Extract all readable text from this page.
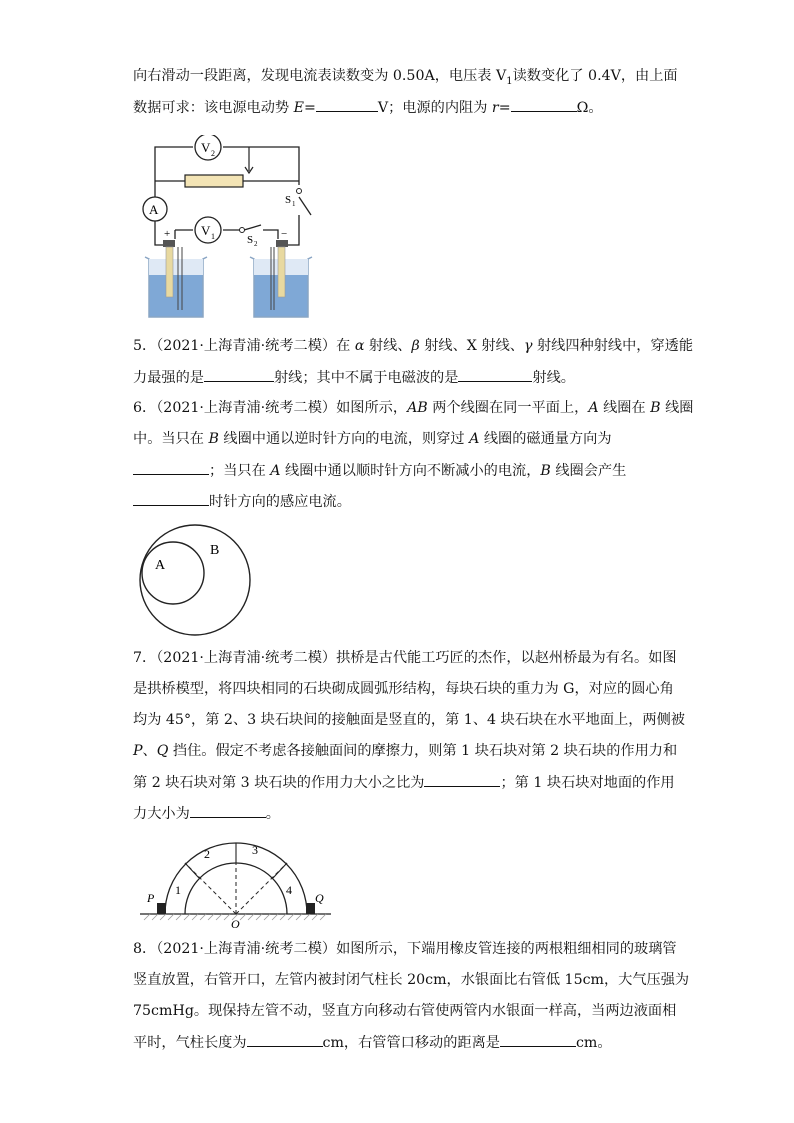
向右滑动一段距离，发现电流表读数变为 0.50A，电压表 $V_1$读数变化了 0.4V，由上面
数据可求：该电源电动势 E=	V；电源的内阻为 r=	Ω。
V 2
A
S 1
V 1	S 2
+	−
5．（2021·上海青浦·统考二模）在 α 射线、β 射线、X 射线、γ 射线四种射线中，穿透能
力最强的是	射线；其中不属于电磁波的是	射线。
6．（2021·上海青浦·统考二模）如图所示，AB 两个线圈在同一平面上，A 线圈在 B 线圈
中。当只在 B 线圈中通以逆时针方向的电流，则穿过 A 线圈的磁通量方向为
；当只在 A 线圈中通以顺时针方向不断减小的电流，B 线圈会产生
时针方向的感应电流。
A
B
7．（2021·上海青浦·统考二模）拱桥是古代能工巧匠的杰作，以赵州桥最为有名。如图
是拱桥模型，将四块相同的石块砌成圆弧形结构，每块石块的重力为 G，对应的圆心角
均为 45°，第 2、3 块石块间的接触面是竖直的，第 1、4 块石块在水平地面上，两侧被
P、Q 挡住。假定不考虑各接触面间的摩擦力，则第 1 块石块对第 2 块石块的作用力和
第 2 块石块对第 3 块石块的作用力大小之比为	；第 1 块石块对地面的作用
力大小为	。
1
2	3
4
P	Q
O
8．（2021·上海青浦·统考二模）如图所示，下端用橡皮管连接的两根粗细相同的玻璃管
竖直放置，右管开口，左管内被封闭气柱长 20cm，水银面比右管低 15cm，大气压强为
75cmHg。现保持左管不动，竖直方向移动右管使两管内水银面一样高，当两边液面相
平时，气柱长度为	cm，右管管口移动的距离是	cm。
